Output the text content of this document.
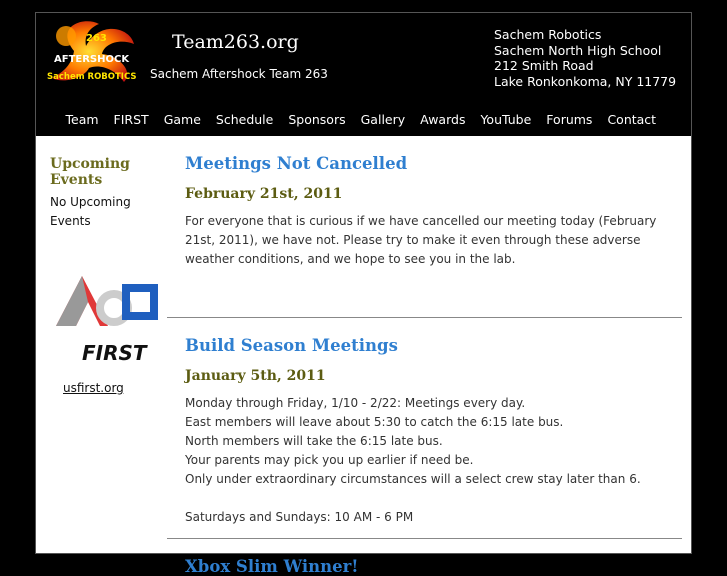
263
AFTERSHOCK
Sachem ROBOTICS
Team263.org
Sachem Aftershock Team 263
Sachem Robotics
Sachem North High School
212 Smith Road
Lake Ronkonkoma, NY 11779
Team	FIRST	Game	Schedule	Sponsors	Gallery	Awards	YouTube	Forums	Contact
Upcoming Events
No Upcoming Events
FIRST
usfirst.org
Meetings Not Cancelled
February 21st, 2011
For everyone that is curious if we have cancelled our meeting today (February 21st, 2011), we have not. Please try to make it even through these adverse weather conditions, and we hope to see you in the lab.
Build Season Meetings
January 5th, 2011
Monday through Friday, 1/10 - 2/22: Meetings every day.
East members will leave about 5:30 to catch the 6:15 late bus.
North members will take the 6:15 late bus.
Your parents may pick you up earlier if need be.
Only under extraordinary circumstances will a select crew stay later than 6.

Saturdays and Sundays: 10 AM - 6 PM
Xbox Slim Winner!
